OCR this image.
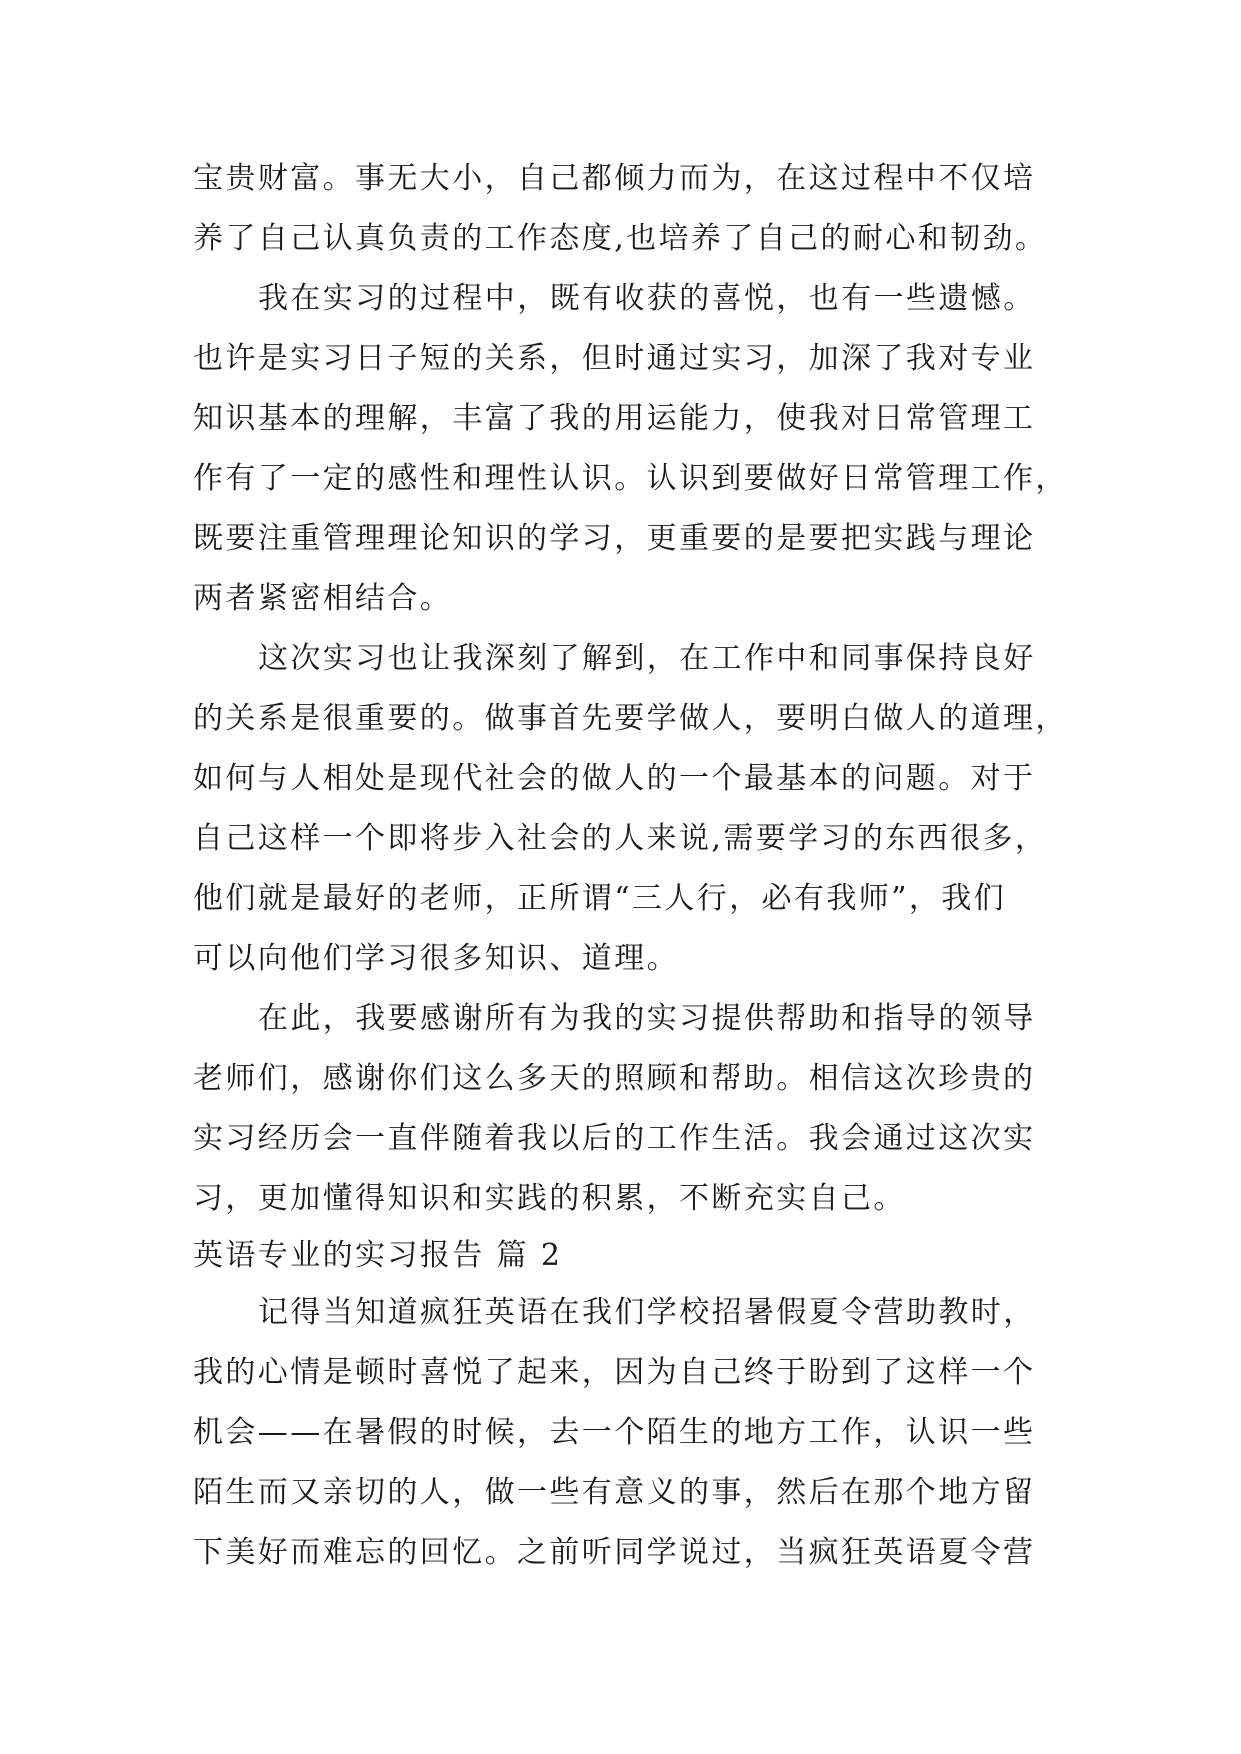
宝贵财富。事无大小，自己都倾力而为，在这过程中不仅培
养了自己认真负责的工作态度,也培养了自己的耐心和韧劲。
我在实习的过程中，既有收获的喜悦，也有一些遗憾。
也许是实习日子短的关系，但时通过实习，加深了我对专业
知识基本的理解，丰富了我的用运能力，使我对日常管理工
作有了一定的感性和理性认识。认识到要做好日常管理工作，
既要注重管理理论知识的学习，更重要的是要把实践与理论
两者紧密相结合。
这次实习也让我深刻了解到，在工作中和同事保持良好
的关系是很重要的。做事首先要学做人，要明白做人的道理，
如何与人相处是现代社会的做人的一个最基本的问题。对于
自己这样一个即将步入社会的人来说,需要学习的东西很多，
他们就是最好的老师，正所谓“三人行，必有我师”，我们
可以向他们学习很多知识、道理。
在此，我要感谢所有为我的实习提供帮助和指导的领导
老师们，感谢你们这么多天的照顾和帮助。相信这次珍贵的
实习经历会一直伴随着我以后的工作生活。我会通过这次实
习，更加懂得知识和实践的积累，不断充实自己。
英语专业的实习报告 篇 2
记得当知道疯狂英语在我们学校招暑假夏令营助教时，
我的心情是顿时喜悦了起来，因为自己终于盼到了这样一个
机会——在暑假的时候，去一个陌生的地方工作，认识一些
陌生而又亲切的人，做一些有意义的事，然后在那个地方留
下美好而难忘的回忆。之前听同学说过，当疯狂英语夏令营
